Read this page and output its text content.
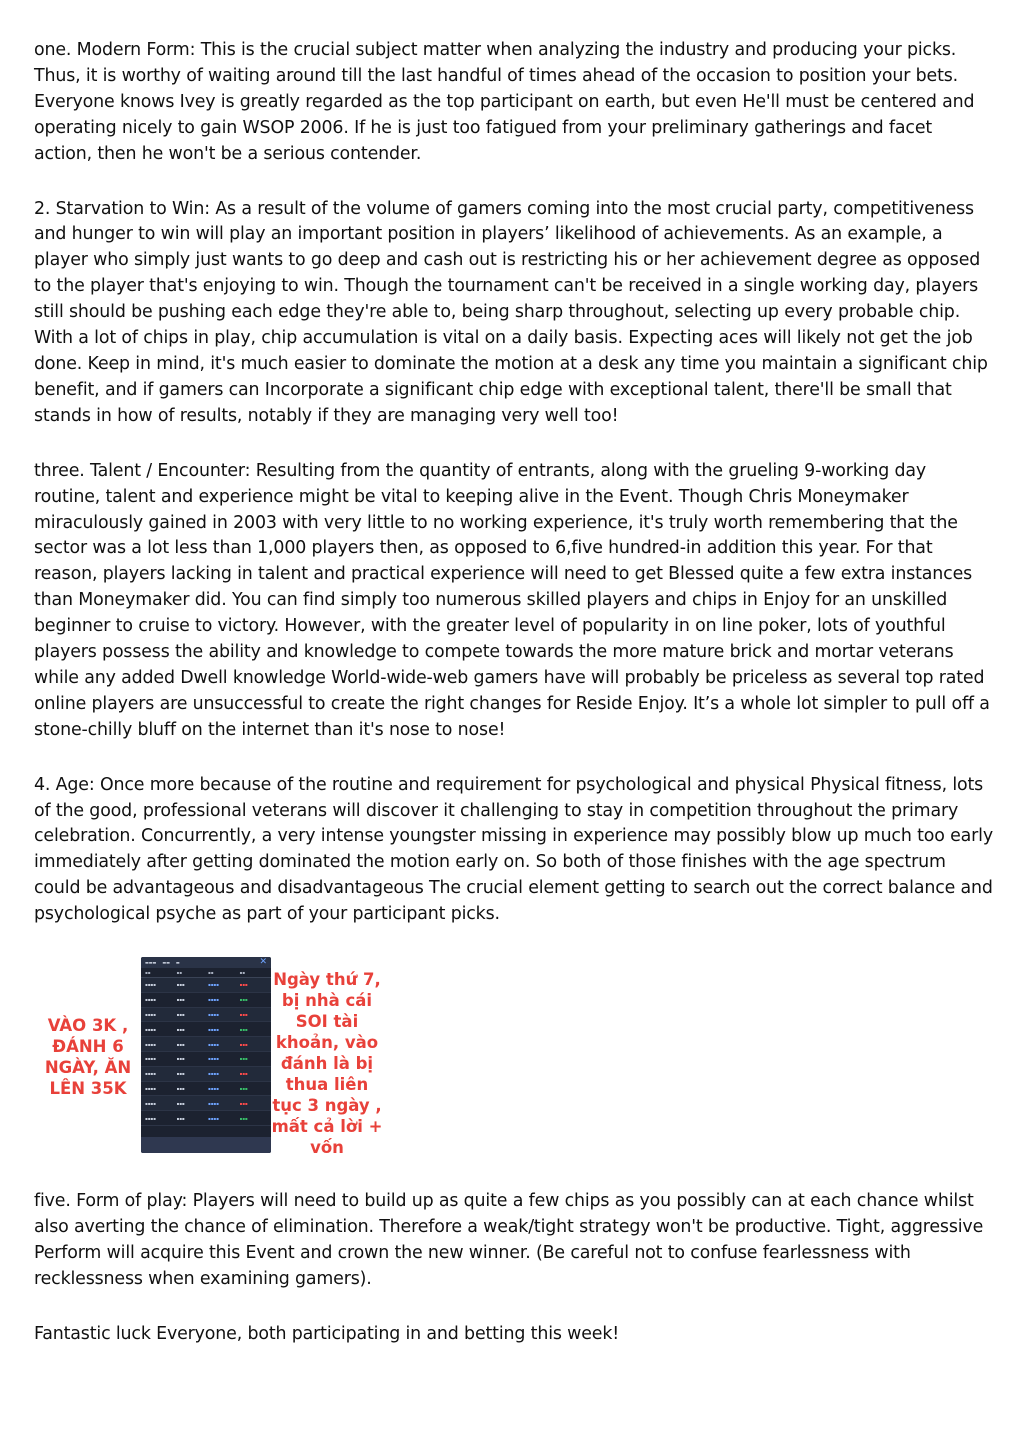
one. Modern Form: This is the crucial subject matter when analyzing the industry and producing your picks. Thus, it is worthy of waiting around till the last handful of times ahead of the occasion to position your bets. Everyone knows Ivey is greatly regarded as the top participant on earth, but even He'll must be centered and operating nicely to gain WSOP 2006. If he is just too fatigued from your preliminary gatherings and facet action, then he won't be a serious contender.

2. Starvation to Win: As a result of the volume of gamers coming into the most crucial party, competitiveness and hunger to win will play an important position in players’ likelihood of achievements. As an example, a player who simply just wants to go deep and cash out is restricting his or her achievement degree as opposed to the player that's enjoying to win. Though the tournament can't be received in a single working day, players still should be pushing each edge they're able to, being sharp throughout, selecting up every probable chip. With a lot of chips in play, chip accumulation is vital on a daily basis. Expecting aces will likely not get the job done. Keep in mind, it's much easier to dominate the motion at a desk any time you maintain a significant chip benefit, and if gamers can Incorporate a significant chip edge with exceptional talent, there'll be small that stands in how of results, notably if they are managing very well too!

three. Talent / Encounter: Resulting from the quantity of entrants, along with the grueling 9-working day routine, talent and experience might be vital to keeping alive in the Event. Though Chris Moneymaker miraculously gained in 2003 with very little to no working experience, it's truly worth remembering that the sector was a lot less than 1,000 players then, as opposed to 6,five hundred-in addition this year. For that reason, players lacking in talent and practical experience will need to get Blessed quite a few extra instances than Moneymaker did. You can find simply too numerous skilled players and chips in Enjoy for an unskilled beginner to cruise to victory. However, with the greater level of popularity in on line poker, lots of youthful players possess the ability and knowledge to compete towards the more mature brick and mortar veterans while any added Dwell knowledge World-wide-web gamers have will probably be priceless as several top rated online players are unsuccessful to create the right changes for Reside Enjoy. It’s a whole lot simpler to pull off a stone-chilly bluff on the internet than it's nose to nose!

4. Age: Once more because of the routine and requirement for psychological and physical Physical fitness, lots of the good, professional veterans will discover it challenging to stay in competition throughout the primary celebration. Concurrently, a very intense youngster missing in experience may possibly blow up much too early immediately after getting dominated the motion early on. So both of those finishes with the age spectrum could be advantageous and disadvantageous The crucial element getting to search out the correct balance and psychological psyche as part of your participant picks.

VÀO 3K , ĐÁNH 6 NGÀY, ĂN LÊN 35K
▬▬▬ ▬▬ ▬	✕
▪▪	▪▪	▪▪	▪▪
▪▪▪▪	▪▪▪	▪▪▪▪	▪▪▪
▪▪▪▪	▪▪▪	▪▪▪▪	▪▪▪
▪▪▪▪	▪▪▪	▪▪▪▪	▪▪▪
▪▪▪▪	▪▪▪	▪▪▪▪	▪▪▪
▪▪▪▪	▪▪▪	▪▪▪▪	▪▪▪
▪▪▪▪	▪▪▪	▪▪▪▪	▪▪▪
▪▪▪▪	▪▪▪	▪▪▪▪	▪▪▪
▪▪▪▪	▪▪▪	▪▪▪▪	▪▪▪
▪▪▪▪	▪▪▪	▪▪▪▪	▪▪▪
▪▪▪▪	▪▪▪	▪▪▪▪	▪▪▪
Ngày thứ 7, bị nhà cái SOI tài khoản, vào đánh là bị thua liên tục 3 ngày , mất cả lời + vốn

five. Form of play: Players will need to build up as quite a few chips as you possibly can at each chance whilst also averting the chance of elimination. Therefore a weak/tight strategy won't be productive. Tight, aggressive Perform will acquire this Event and crown the new winner. (Be careful not to confuse fearlessness with recklessness when examining gamers).

Fantastic luck Everyone, both participating in and betting this week!
